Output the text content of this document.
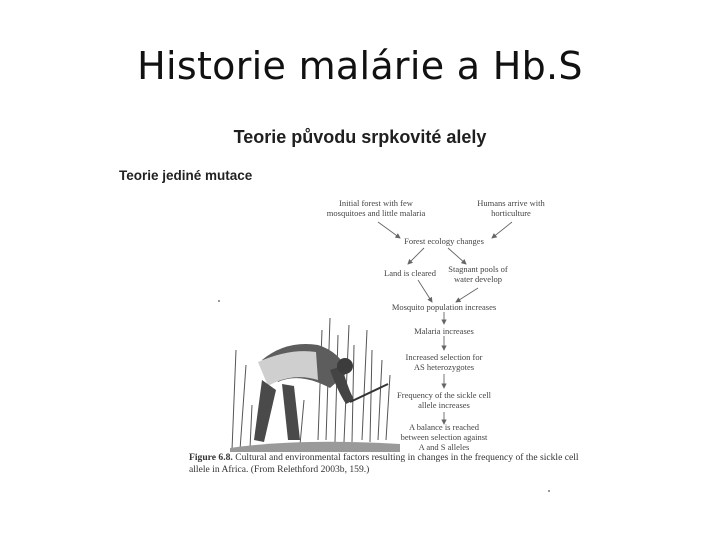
Historie malárie a Hb.S
Teorie původu srpkovité alely
Teorie jediné mutace
Initial forest with few
mosquitoes and little malaria
Humans arrive with
horticulture
Forest ecology changes
Land is cleared Stagnant pools of
water develop
Mosquito population increases
Malaria increases
Increased selection for
AS heterozygotes
Frequency of the sickle cell
allele increases
A balance is reached
between selection against
A and S alleles
Figure 6.8. Cultural and environmental factors resulting in changes in the frequency of the sickle cell allele in Africa. (From Relethford 2003b, 159.)
